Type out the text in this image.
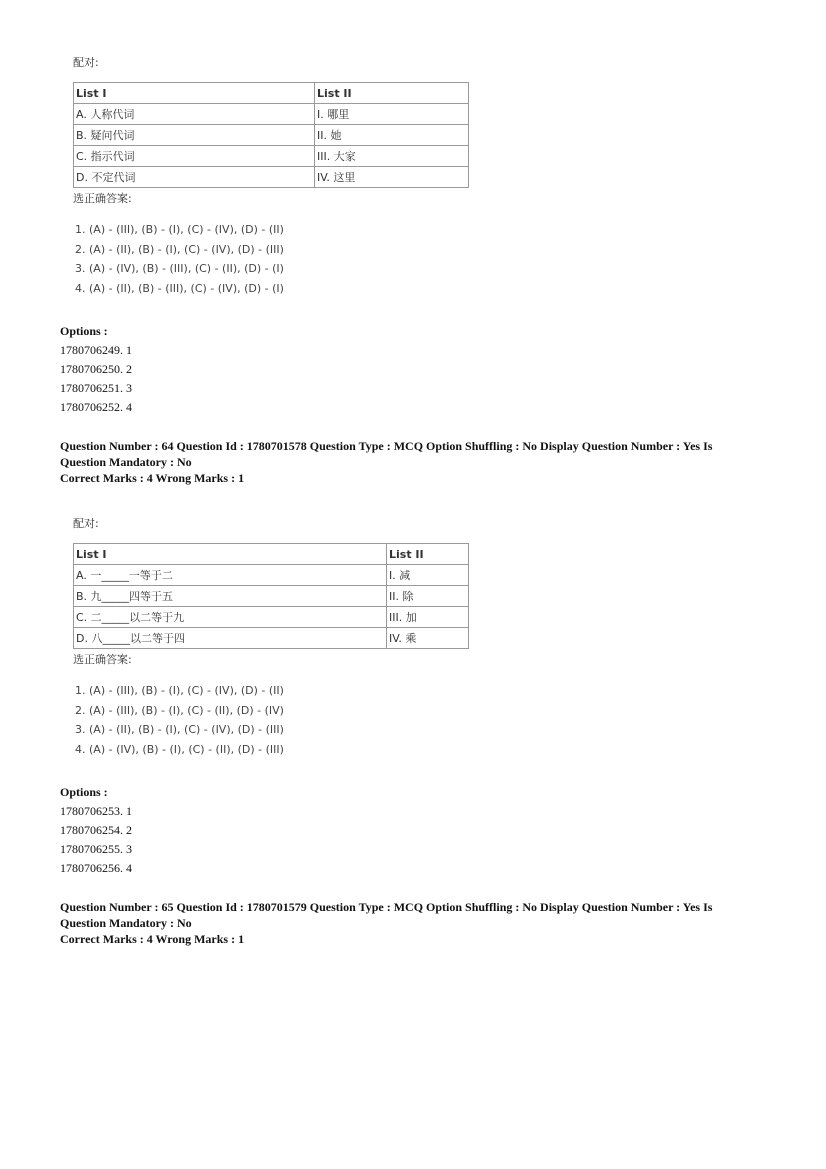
配对:
List I	List II
A. 人称代词	I. 哪里
B. 疑问代词	II. 她
C. 指示代词	III. 大家
D. 不定代词	IV. 这里
选正确答案:
1. (A) - (III), (B) - (I), (C) - (IV), (D) - (II)
2. (A) - (II), (B) - (I), (C) - (IV), (D) - (III)
3. (A) - (IV), (B) - (III), (C) - (II), (D) - (I)
4. (A) - (II), (B) - (III), (C) - (IV), (D) - (I)
Options :
1780706249. 1
1780706250. 2
1780706251. 3
1780706252. 4
Question Number : 64 Question Id : 1780701578 Question Type : MCQ Option Shuffling : No Display Question Number : Yes Is
Question Mandatory : No
Correct Marks : 4 Wrong Marks : 1
配对:
List I	List II
A. 一_____一等于二	I. 减
B. 九_____四等于五	II. 除
C. 二_____以二等于九	III. 加
D. 八_____以二等于四	IV. 乘
选正确答案:
1. (A) - (III), (B) - (I), (C) - (IV), (D) - (II)
2. (A) - (III), (B) - (I), (C) - (II), (D) - (IV)
3. (A) - (II), (B) - (I), (C) - (IV), (D) - (III)
4. (A) - (IV), (B) - (I), (C) - (II), (D) - (III)
Options :
1780706253. 1
1780706254. 2
1780706255. 3
1780706256. 4
Question Number : 65 Question Id : 1780701579 Question Type : MCQ Option Shuffling : No Display Question Number : Yes Is
Question Mandatory : No
Correct Marks : 4 Wrong Marks : 1
